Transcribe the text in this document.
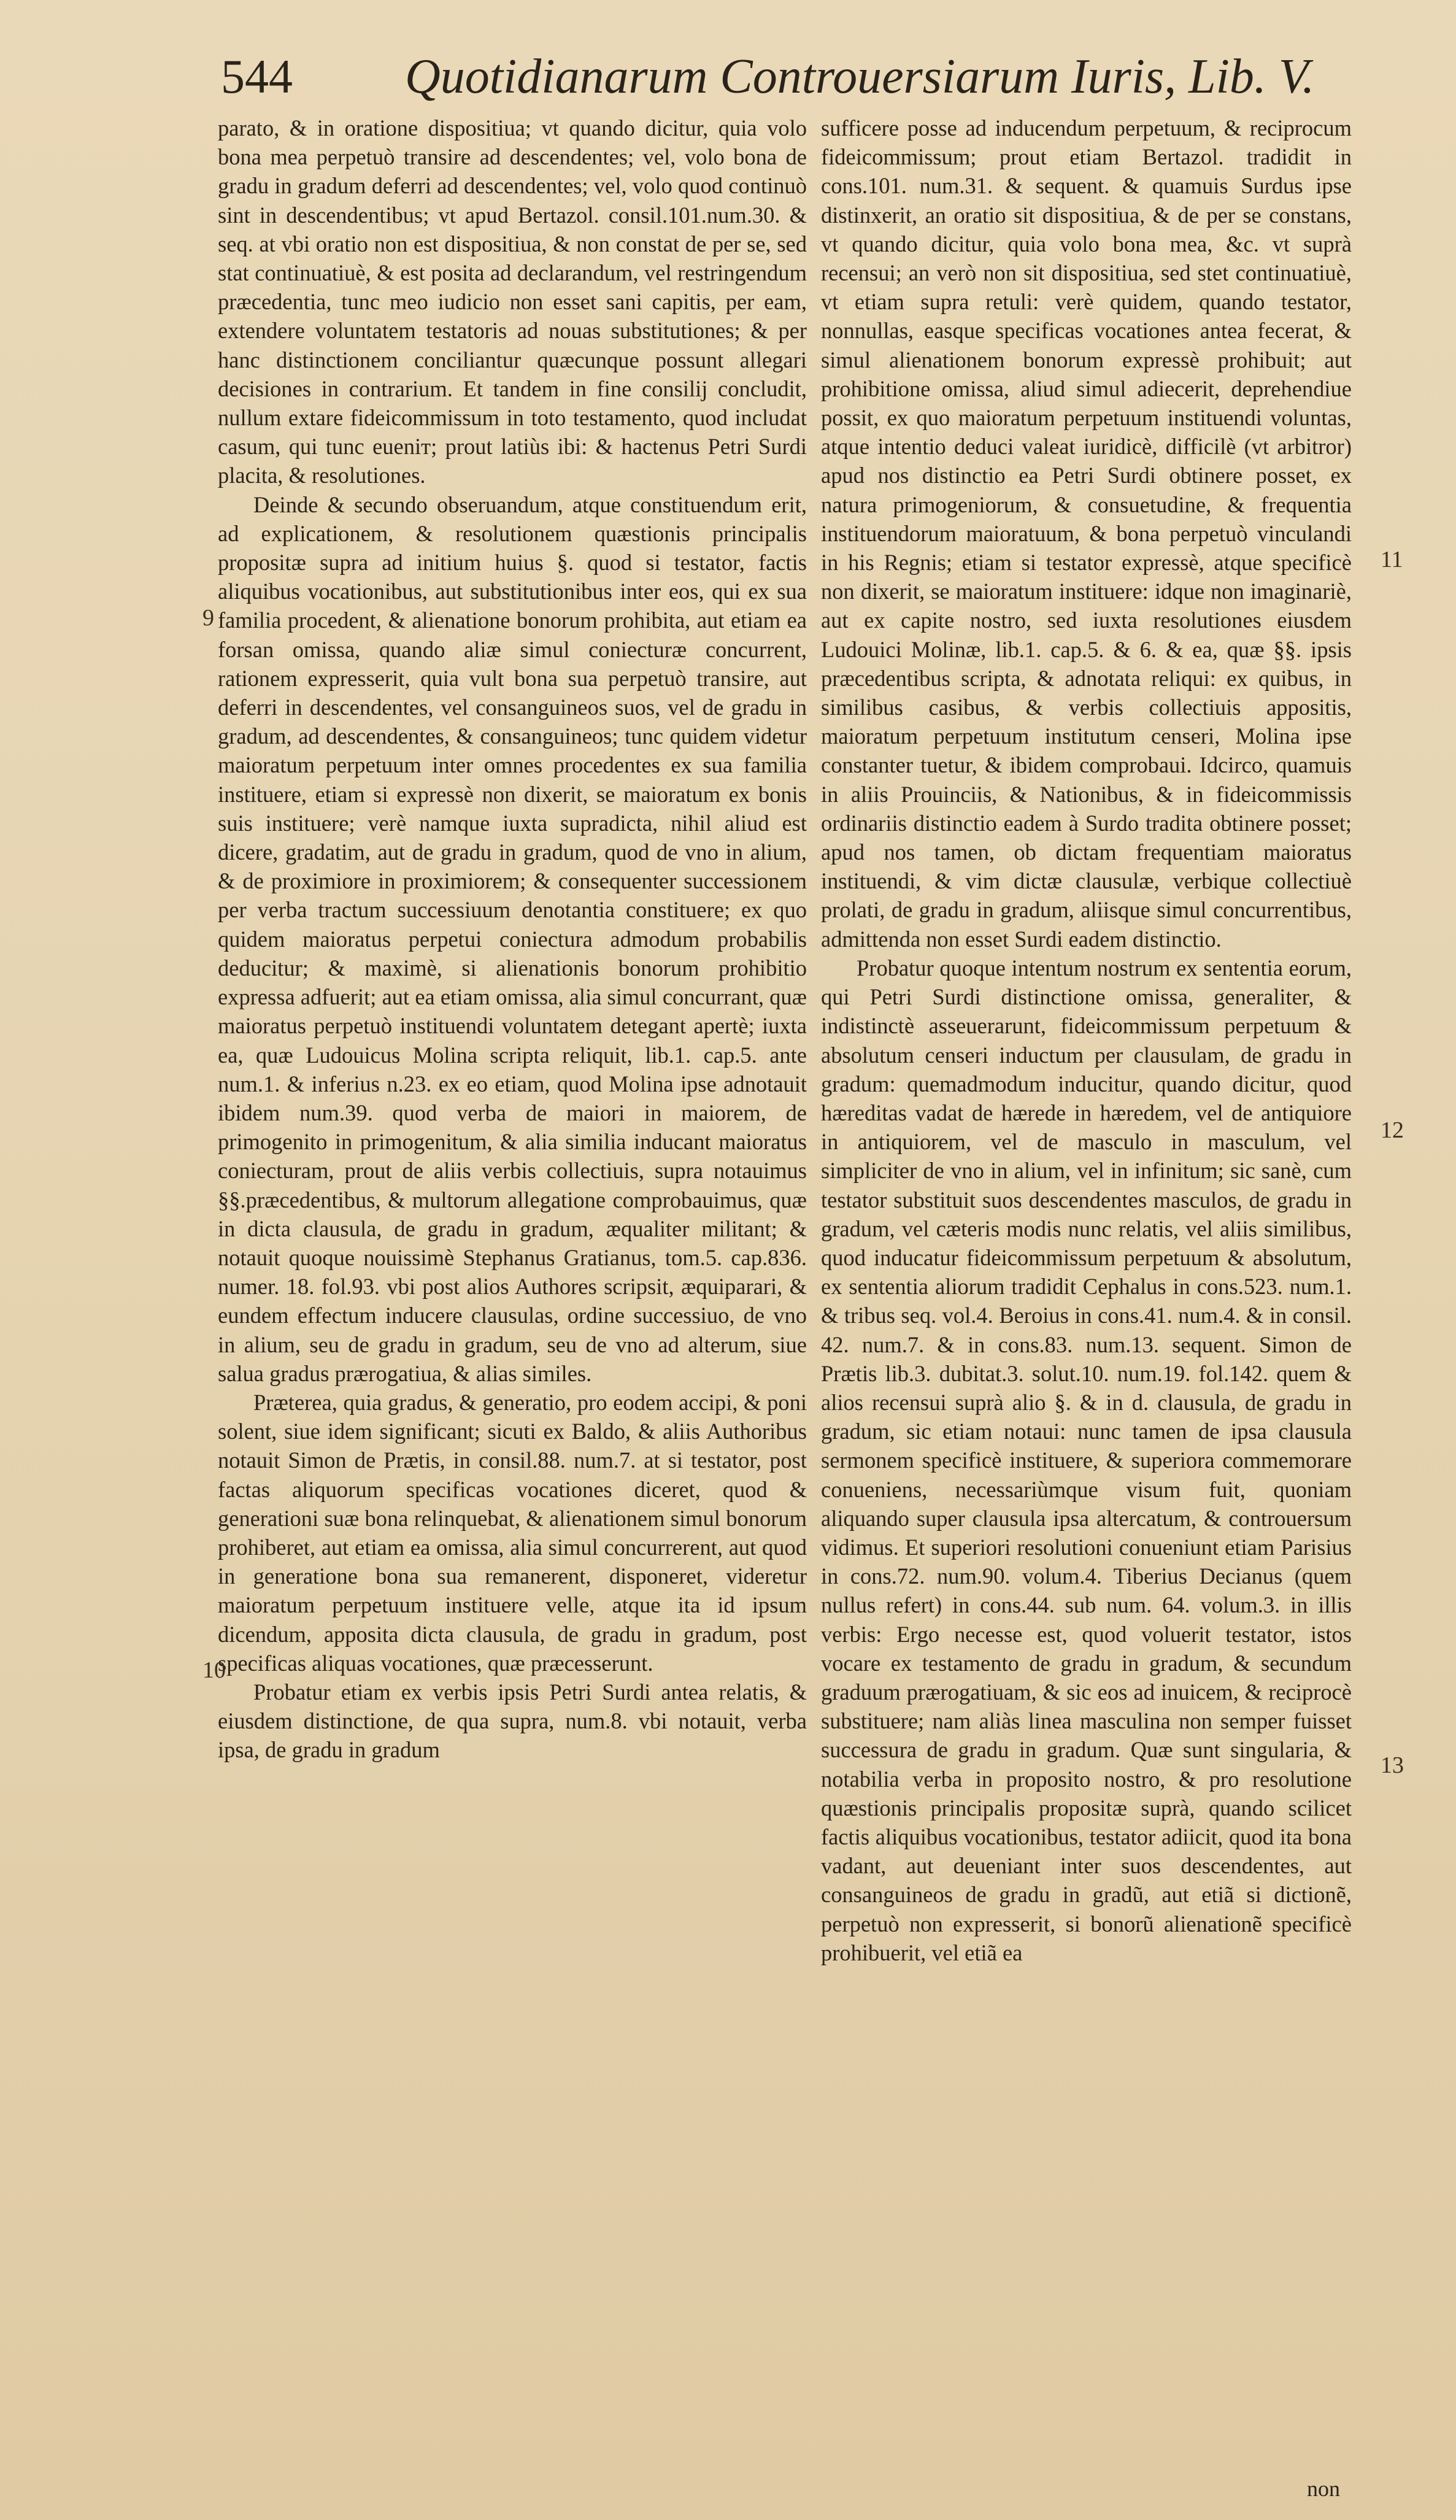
544 Quotidianarum Controuersiarum Iuris, Lib. V.

parato, & in oratione dispositiua; vt quando dicitur, quia volo bona mea perpetuò transire ad descendentes; vel, volo bona de gradu in gradum deferri ad descendentes; vel, volo quod continuò sint in descendentibus; vt apud Bertazol. consil.101.num.30. & seq. at vbi oratio non est dispositiua, & non constat de per se, sed stat continuatiuè, & est posita ad declarandum, vel restringendum præcedentia, tunc meo iudicio non esset sani capitis, per eam, extendere voluntatem testatoris ad nouas substitutiones; & per hanc distinctionem conciliantur quæcunque possunt allegari decisiones in contrarium. Et tandem in fine consilij concludit, nullum extare fideicommissum in toto testamento, quod includat casum, qui tunc eueniт; prout latiùs ibi: & hactenus Petri Surdi placita, & resolutiones.

Deinde & secundo obseruandum, atque constituendum erit, ad explicationem, & resolutionem quæstionis principalis propositæ supra ad initium huius §. quod si testator, factis aliquibus vocationibus, aut substitutionibus inter eos, qui ex sua familia procedent, & alienatione bonorum prohibita, aut etiam ea forsan omissa, quando aliæ simul coniecturæ concurrent, rationem expresserit, quia vult bona sua perpetuò transire, aut deferri in descendentes, vel consanguineos suos, vel de gradu in gradum, ad descendentes, & consanguineos; tunc quidem videtur maioratum perpetuum inter omnes procedentes ex sua familia instituere, etiam si expressè non dixerit, se maioratum ex bonis suis instituere; verè namque iuxta supradicta, nihil aliud est dicere, gradatim, aut de gradu in gradum, quod de vno in alium, & de proximiore in proximiorem; & consequenter successionem per verba tractum successiuum denotantia constituere; ex quo quidem maioratus perpetui coniectura admodum probabilis deducitur; & maximè, si alienationis bonorum prohibitio expressa adfuerit; aut ea etiam omissa, alia simul concurrant, quæ maioratus perpetuò instituendi voluntatem detegant apertè; iuxta ea, quæ Ludouicus Molina scripta reliquit, lib.1. cap.5. ante num.1. & inferius n.23. ex eo etiam, quod Molina ipse adnotauit ibidem num.39. quod verba de maiori in maiorem, de primogenito in primogenitum, & alia similia inducant maioratus coniecturam, prout de aliis verbis collectiuis, supra notauimus §§.præcedentibus, & multorum allegatione comprobauimus, quæ in dicta clausula, de gradu in gradum, æqualiter militant; & notauit quoque nouissimè Stephanus Gratianus, tom.5. cap.836. numer. 18. fol.93. vbi post alios Authores scripsit, æquiparari, & eundem effectum inducere clausulas, ordine successiuo, de vno in alium, seu de gradu in gradum, seu de vno ad alterum, siue salua gradus prærogatiua, & alias similes.

Præterea, quia gradus, & generatio, pro eodem accipi, & poni solent, siue idem significant; sicuti ex Baldo, & aliis Authoribus notauit Simon de Prætis, in consil.88. num.7. at si testator, post factas aliquorum specificas vocationes diceret, quod & generationi suæ bona relinquebat, & alienationem simul bonorum prohiberet, aut etiam ea omissa, alia simul concurrerent, aut quod in generatione bona sua remanerent, disponeret, videretur maioratum perpetuum instituere velle, atque ita id ipsum dicendum, apposita dicta clausula, de gradu in gradum, post specificas aliquas vocationes, quæ præcesserunt.

Probatur etiam ex verbis ipsis Petri Surdi antea relatis, & eiusdem distinctione, de qua supra, num.8. vbi notauit, verba ipsa, de gradu in gradum

sufficere posse ad inducendum perpetuum, & reciprocum fideicommissum; prout etiam Bertazol. tradidit in cons.101. num.31. & sequent. & quamuis Surdus ipse distinxerit, an oratio sit dispositiua, & de per se constans, vt quando dicitur, quia volo bona mea, &c. vt suprà recensui; an verò non sit dispositiua, sed stet continuatiuè, vt etiam supra retuli: verè quidem, quando testator, nonnullas, easque specificas vocationes antea fecerat, & simul alienationem bonorum expressè prohibuit; aut prohibitione omissa, aliud simul adiecerit, deprehendiue possit, ex quo maioratum perpetuum instituendi voluntas, atque intentio deduci valeat iuridicè, difficilè (vt arbitror) apud nos distinctio ea Petri Surdi obtinere posset, ex natura primogeniorum, & consuetudine, & frequentia instituendorum maioratuum, & bona perpetuò vinculandi in his Regnis; etiam si testator expressè, atque specificè non dixerit, se maioratum instituere: idque non imaginariè, aut ex capite nostro, sed iuxta resolutiones eiusdem Ludouici Molinæ, lib.1. cap.5. & 6. & ea, quæ §§. ipsis præcedentibus scripta, & adnotata reliqui: ex quibus, in similibus casibus, & verbis collectiuis appositis, maioratum perpetuum institutum censeri, Molina ipse constanter tuetur, & ibidem comprobaui. Idcirco, quamuis in aliis Prouinciis, & Nationibus, & in fideicommissis ordinariis distinctio eadem à Surdo tradita obtinere posset; apud nos tamen, ob dictam frequentiam maioratus instituendi, & vim dictæ clausulæ, verbique collectiuè prolati, de gradu in gradum, aliisque simul concurrentibus, admittenda non esset Surdi eadem distinctio.

Probatur quoque intentum nostrum ex sententia eorum, qui Petri Surdi distinctione omissa, generaliter, & indistinctè asseuerarunt, fideicommissum perpetuum & absolutum censeri inductum per clausulam, de gradu in gradum: quemadmodum inducitur, quando dicitur, quod hæreditas vadat de hærede in hæredem, vel de antiquiore in antiquiorem, vel de masculo in masculum, vel simpliciter de vno in alium, vel in infinitum; sic sanè, cum testator substituit suos descendentes masculos, de gradu in gradum, vel cæteris modis nunc relatis, vel aliis similibus, quod inducatur fideicommissum perpetuum & absolutum, ex sententia aliorum tradidit Cephalus in cons.523. num.1. & tribus seq. vol.4. Beroius in cons.41. num.4. & in consil. 42. num.7. & in cons.83. num.13. sequent. Simon de Prætis lib.3. dubitat.3. solut.10. num.19. fol.142. quem & alios recensui suprà alio §. & in d. clausula, de gradu in gradum, sic etiam notaui: nunc tamen de ipsa clausula sermonem specificè instituere, & superiora commemorare conueniens, necessariùmque visum fuit, quoniam aliquando super clausula ipsa altercatum, & controuersum vidimus. Et superiori resolutioni conueniunt etiam Parisius in cons.72. num.90. volum.4. Tiberius Decianus (quem nullus refert) in cons.44. sub num. 64. volum.3. in illis verbis: Ergo necesse est, quod voluerit testator, istos vocare ex testamento de gradu in gradum, & secundum graduum prærogatiuam, & sic eos ad inuicem, & reciprocè substituere; nam aliàs linea masculina non semper fuisset successura de gradu in gradum. Quæ sunt singularia, & notabilia verba in proposito nostro, & pro resolutione quæstionis principalis propositæ suprà, quando scilicet factis aliquibus vocationibus, testator adiicit, quod ita bona vadant, aut deueniant inter suos descendentes, aut consanguineos de gradu in gradũ, aut etiã si dictionẽ, perpetuò non expresserit, si bonorũ alienationẽ specificè prohibuerit, vel etiã ea

9
10
11
12
13
non
